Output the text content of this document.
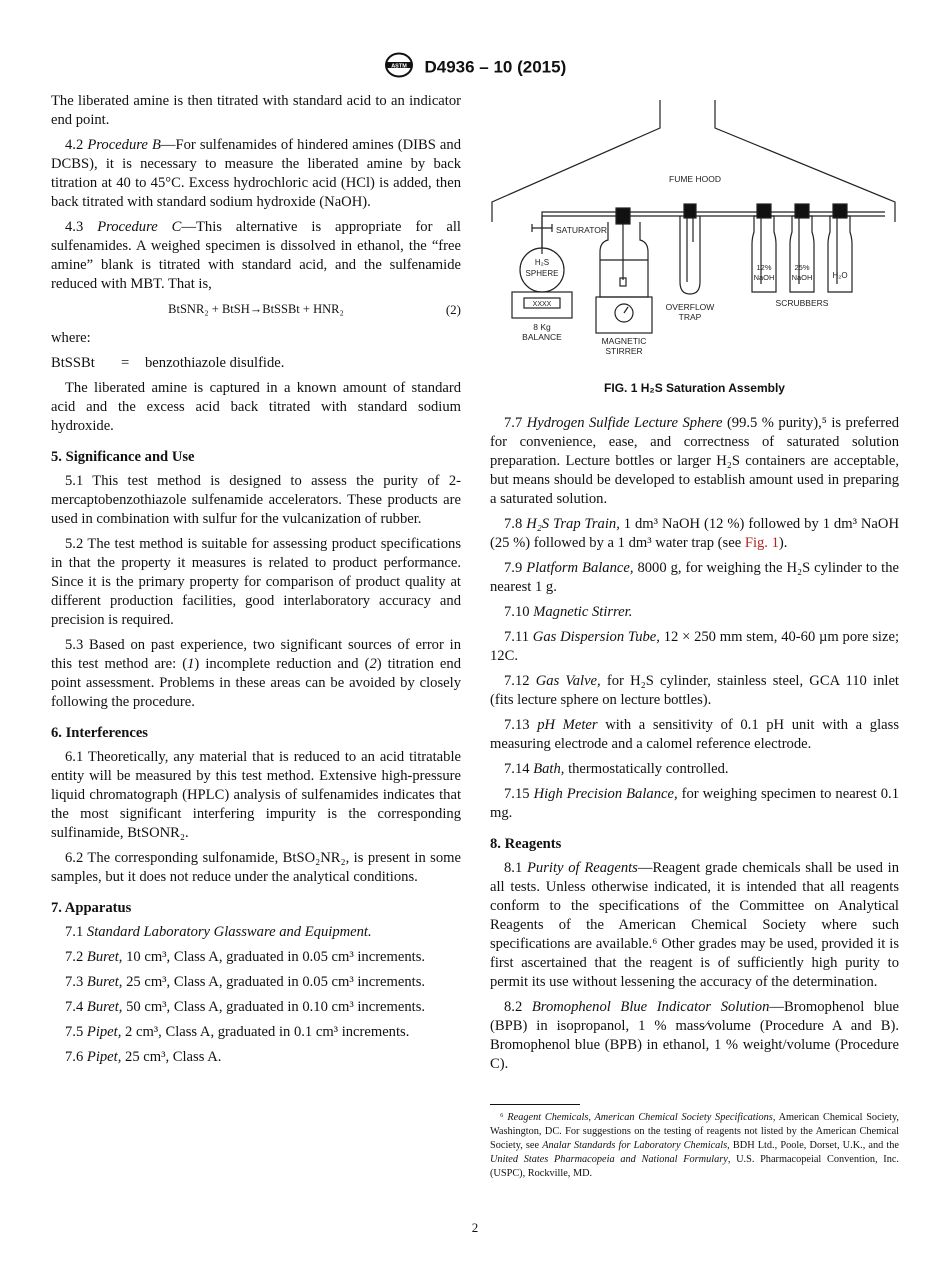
ASTM D4936 – 10 (2015)

The liberated amine is then titrated with standard acid to an indicator end point.

4.2 Procedure B—For sulfenamides of hindered amines (DIBS and DCBS), it is necessary to measure the liberated amine by back titration at 40 to 45°C. Excess hydrochloric acid (HCl) is added, then back titrated with standard sodium hydroxide (NaOH).

4.3 Procedure C—This alternative is appropriate for all sulfenamides. A weighed specimen is dissolved in ethanol, the “free amine” blank is titrated with standard acid, and the sulfenamide reduced with MBT. That is,

BtSNR₂ + BtSH→BtSSBt + HNR₂	(2)

where:

BtSSBt	=	benzothiazole disulfide.

The liberated amine is captured in a known amount of standard acid and the excess acid back titrated with standard sodium hydroxide.

5. Significance and Use

5.1 This test method is designed to assess the purity of 2-mercaptobenzothiazole sulfenamide accelerators. These products are used in combination with sulfur for the vulcanization of rubber.

5.2 The test method is suitable for assessing product specifications in that the property it measures is related to product performance. Since it is the primary property for comparison of product quality at different production facilities, good interlaboratory accuracy and precision is required.

5.3 Based on past experience, two significant sources of error in this test method are: (1) incomplete reduction and (2) titration end point assessment. Problems in these areas can be avoided by closely following the procedure.

6. Interferences

6.1 Theoretically, any material that is reduced to an acid titratable entity will be measured by this test method. Extensive high-pressure liquid chromatograph (HPLC) analysis of sulfenamides indicates that the most significant interfering impurity is the corresponding sulfinamide, BtSONR₂.

6.2 The corresponding sulfonamide, BtSO₂NR₂, is present in some samples, but it does not reduce under the analytical conditions.

7. Apparatus

7.1 Standard Laboratory Glassware and Equipment.

7.2 Buret, 10 cm³, Class A, graduated in 0.05 cm³ increments.

7.3 Buret, 25 cm³, Class A, graduated in 0.05 cm³ increments.

7.4 Buret, 50 cm³, Class A, graduated in 0.10 cm³ increments.

7.5 Pipet, 2 cm³, Class A, graduated in 0.1 cm³ increments.

7.6 Pipet, 25 cm³, Class A.

FUME HOOD
SATURATOR
H₂S
SPHERE
XXXX
8 Kg
BALANCE	MAGNETIC
STIRRER
OVERFLOW
TRAP
12%
NaOH
25%
NaOH	H₂O
SCRUBBERS
FIG. 1 H₂S Saturation Assembly

7.7 Hydrogen Sulfide Lecture Sphere (99.5 % purity),⁵ is preferred for convenience, ease, and correctness of saturated solution preparation. Lecture bottles or larger H₂S containers are acceptable, but means should be developed to establish amount used in preparing a saturated solution.

7.8 H₂S Trap Train, 1 dm³ NaOH (12 %) followed by 1 dm³ NaOH (25 %) followed by a 1 dm³ water trap (see Fig. 1).

7.9 Platform Balance, 8000 g, for weighing the H₂S cylinder to the nearest 1 g.

7.10 Magnetic Stirrer.

7.11 Gas Dispersion Tube, 12 × 250 mm stem, 40-60 µm pore size; 12C.

7.12 Gas Valve, for H₂S cylinder, stainless steel, GCA 110 inlet (fits lecture sphere on lecture bottles).

7.13 pH Meter with a sensitivity of 0.1 pH unit with a glass measuring electrode and a calomel reference electrode.

7.14 Bath, thermostatically controlled.

7.15 High Precision Balance, for weighing specimen to nearest 0.1 mg.

8. Reagents

8.1 Purity of Reagents—Reagent grade chemicals shall be used in all tests. Unless otherwise indicated, it is intended that all reagents conform to the specifications of the Committee on Analytical Reagents of the American Chemical Society where such specifications are available.⁶ Other grades may be used, provided it is first ascertained that the reagent is of sufficiently high purity to permit its use without lessening the accuracy of the determination.

8.2 Bromophenol Blue Indicator Solution—Bromophenol blue (BPB) in isopropanol, 1 % mass∕volume (Procedure A and B). Bromophenol blue (BPB) in ethanol, 1 % weight/volume (Procedure C).

⁶ Reagent Chemicals, American Chemical Society Specifications, American Chemical Society, Washington, DC. For suggestions on the testing of reagents not listed by the American Chemical Society, see Analar Standards for Laboratory Chemicals, BDH Ltd., Poole, Dorset, U.K., and the United States Pharmacopeia and National Formulary, U.S. Pharmacopeial Convention, Inc. (USPC), Rockville, MD.
2
